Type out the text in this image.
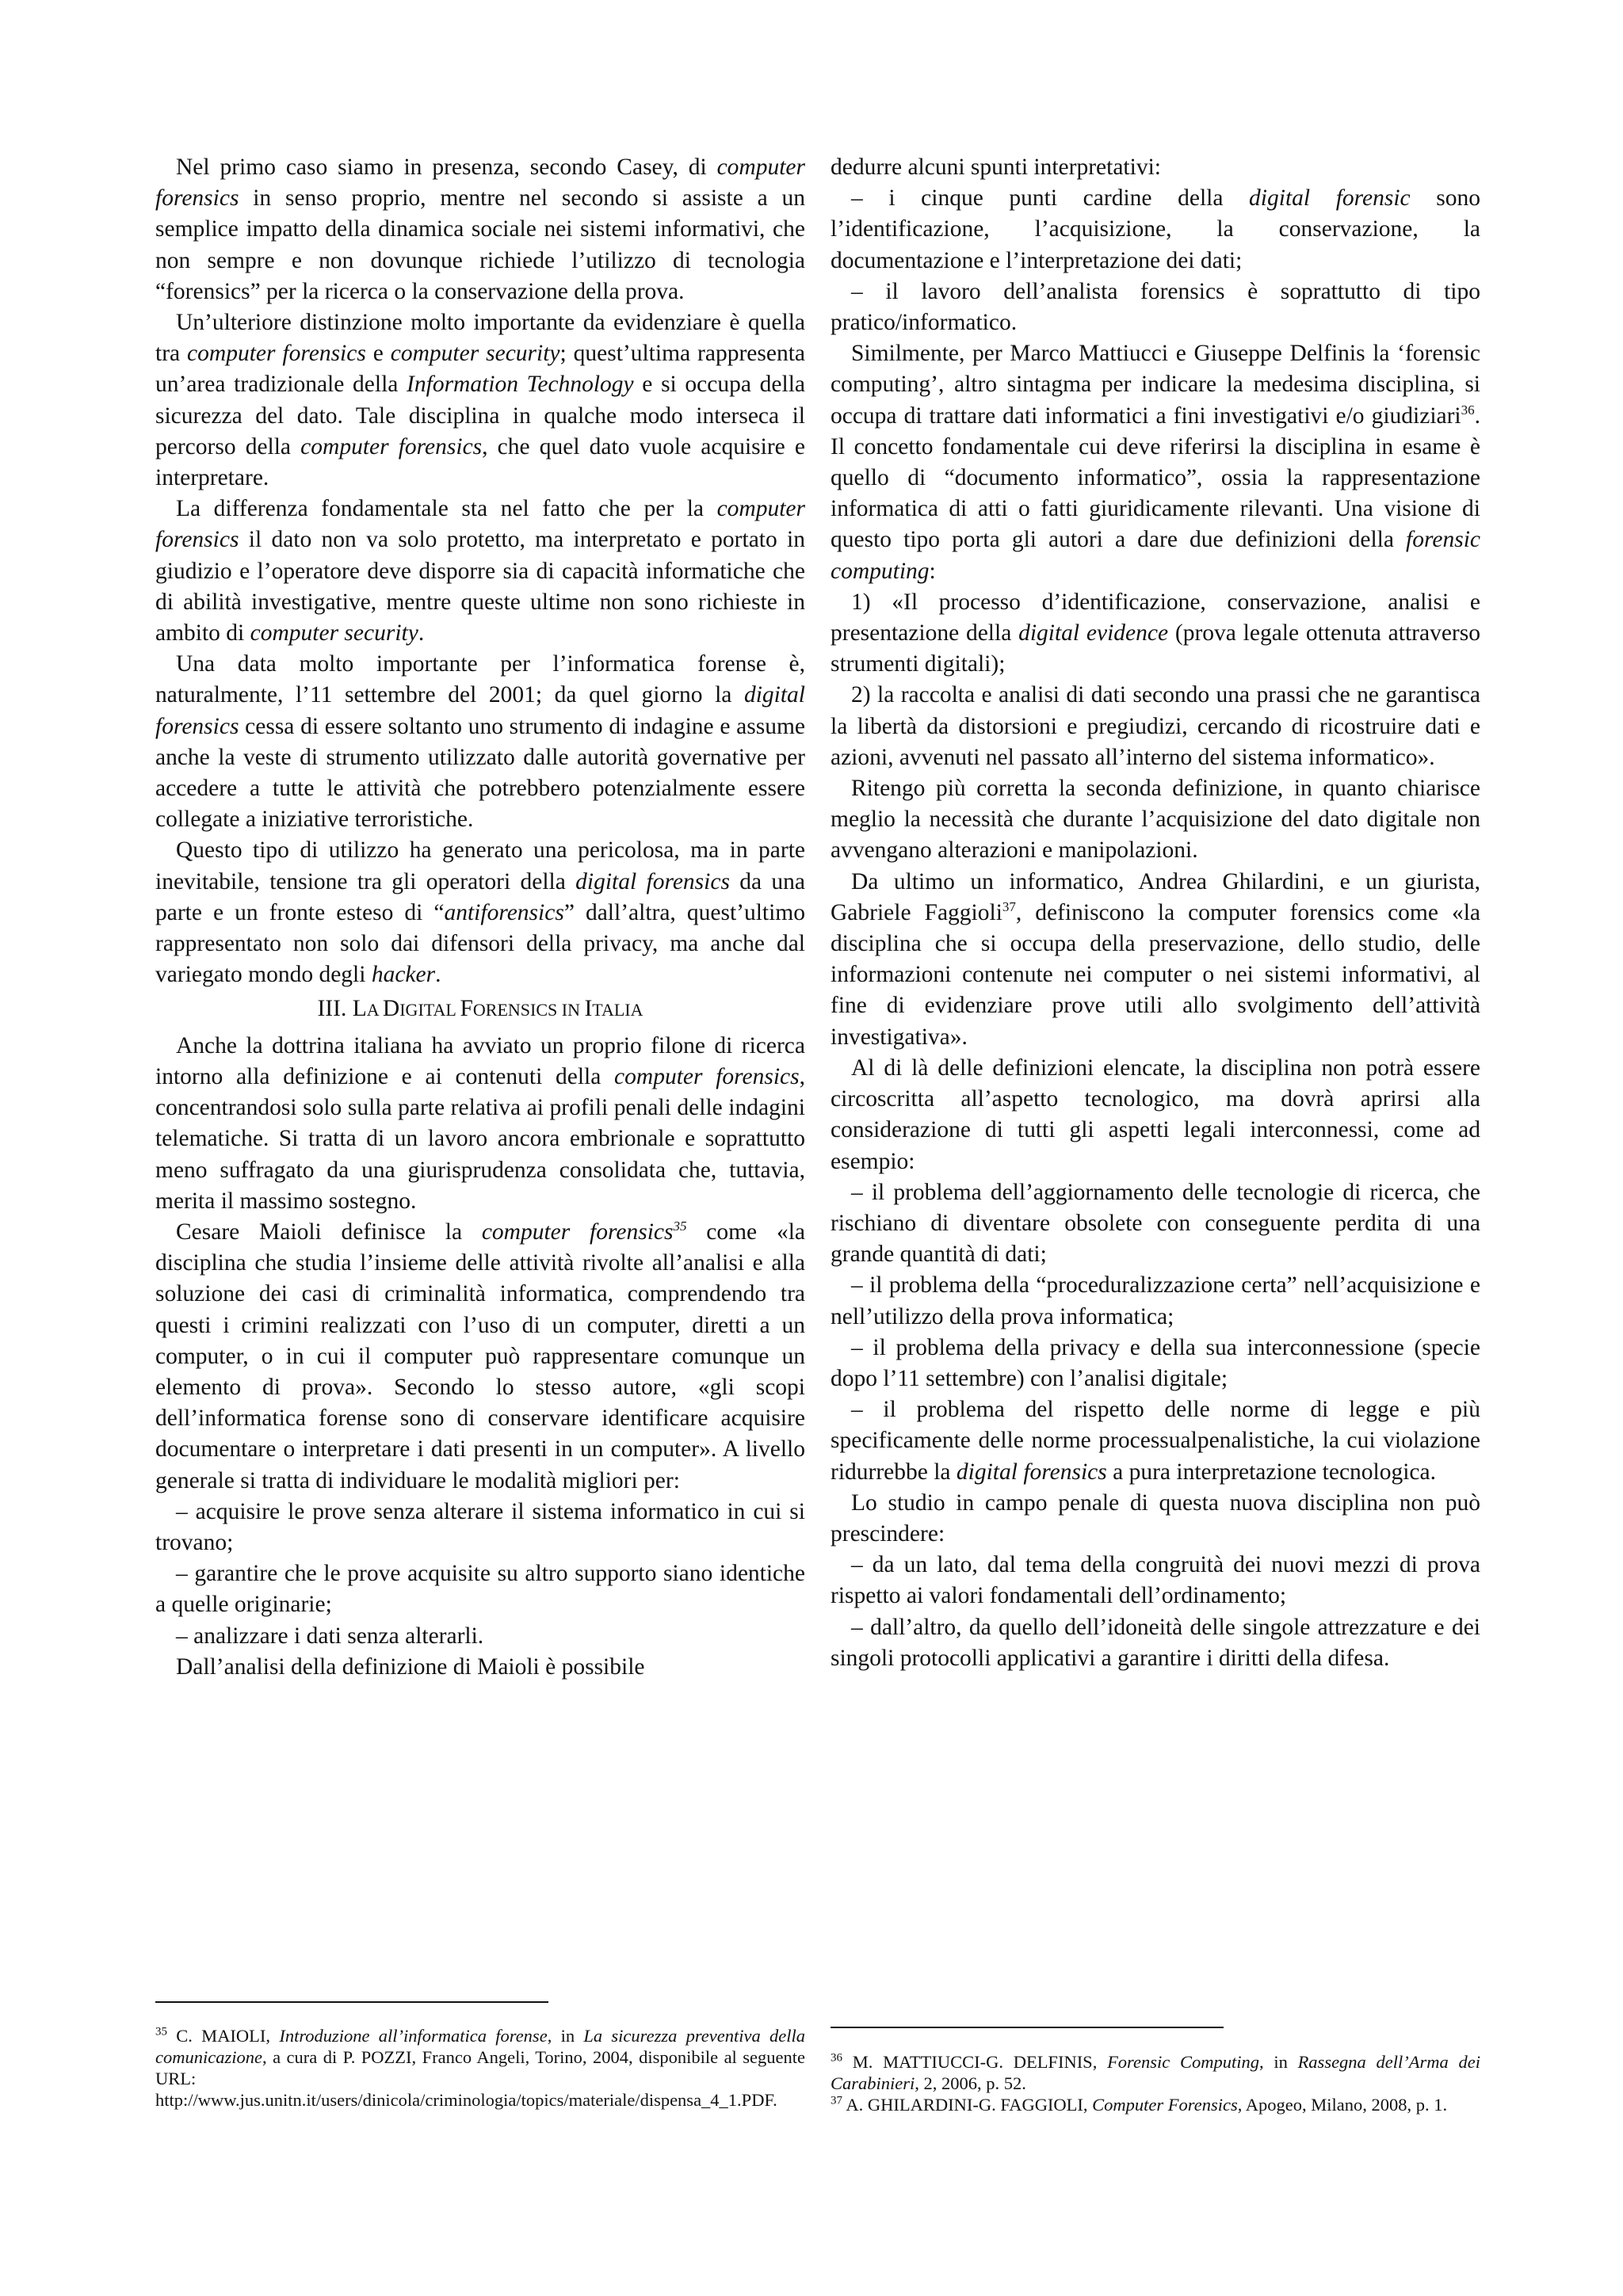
Nel primo caso siamo in presenza, secondo Casey, di computer forensics in senso proprio, mentre nel secondo si assiste a un semplice impatto della dinamica sociale nei sistemi informativi, che non sempre e non dovunque richiede l’utilizzo di tecnologia “forensics” per la ricerca o la conservazione della prova.

Un’ulteriore distinzione molto importante da evidenziare è quella tra computer forensics e computer security; quest’ultima rappresenta un’area tradizionale della Information Technology e si occupa della sicurezza del dato. Tale disciplina in qualche modo interseca il percorso della computer forensics, che quel dato vuole acquisire e interpretare.

La differenza fondamentale sta nel fatto che per la computer forensics il dato non va solo protetto, ma interpretato e portato in giudizio e l’operatore deve disporre sia di capacità informatiche che di abilità investigative, mentre queste ultime non sono richieste in ambito di computer security.

Una data molto importante per l’informatica forense è, naturalmente, l’11 settembre del 2001; da quel giorno la digital forensics cessa di essere soltanto uno strumento di indagine e assume anche la veste di strumento utilizzato dalle autorità governative per accedere a tutte le attività che potrebbero potenzialmente essere collegate a iniziative terroristiche.

Questo tipo di utilizzo ha generato una pericolosa, ma in parte inevitabile, tensione tra gli operatori della digital forensics da una parte e un fronte esteso di “antiforensics” dall’altra, quest’ultimo rappresentato non solo dai difensori della privacy, ma anche dal variegato mondo degli hacker.

III. LA DIGITAL FORENSICS IN ITALIA

Anche la dottrina italiana ha avviato un proprio filone di ricerca intorno alla definizione e ai contenuti della computer forensics, concentrandosi solo sulla parte relativa ai profili penali delle indagini telematiche. Si tratta di un lavoro ancora embrionale e soprattutto meno suffragato da una giurisprudenza consolidata che, tuttavia, merita il massimo sostegno.

Cesare Maioli definisce la computer forensics$^{35}$ come «la disciplina che studia l’insieme delle attività rivolte all’analisi e alla soluzione dei casi di criminalità informatica, comprendendo tra questi i crimini realizzati con l’uso di un computer, diretti a un computer, o in cui il computer può rappresentare comunque un elemento di prova». Secondo lo stesso autore, «gli scopi dell’informatica forense sono di conservare identificare acquisire documentare o interpretare i dati presenti in un computer». A livello generale si tratta di individuare le modalità migliori per:

– acquisire le prove senza alterare il sistema informatico in cui si trovano;

– garantire che le prove acquisite su altro supporto siano identiche a quelle originarie;

– analizzare i dati senza alterarli.

Dall’analisi della definizione di Maioli è possibile

dedurre alcuni spunti interpretativi:

– i cinque punti cardine della digital forensic sono l’identificazione, l’acquisizione, la conservazione, la documentazione e l’interpretazione dei dati;

– il lavoro dell’analista forensics è soprattutto di tipo pratico/informatico.

Similmente, per Marco Mattiucci e Giuseppe Delfinis la ‘forensic computing’, altro sintagma per indicare la medesima disciplina, si occupa di trattare dati informatici a fini investigativi e/o giudiziari$^{36}$. Il concetto fondamentale cui deve riferirsi la disciplina in esame è quello di “documento informatico”, ossia la rappresentazione informatica di atti o fatti giuridicamente rilevanti. Una visione di questo tipo porta gli autori a dare due definizioni della forensic computing:

1) «Il processo d’identificazione, conservazione, analisi e presentazione della digital evidence (prova legale ottenuta attraverso strumenti digitali);

2) la raccolta e analisi di dati secondo una prassi che ne garantisca la libertà da distorsioni e pregiudizi, cercando di ricostruire dati e azioni, avvenuti nel passato all’interno del sistema informatico».

Ritengo più corretta la seconda definizione, in quanto chiarisce meglio la necessità che durante l’acquisizione del dato digitale non avvengano alterazioni e manipolazioni.

Da ultimo un informatico, Andrea Ghilardini, e un giurista, Gabriele Faggioli$^{37}$, definiscono la computer forensics come «la disciplina che si occupa della preservazione, dello studio, delle informazioni contenute nei computer o nei sistemi informativi, al fine di evidenziare prove utili allo svolgimento dell’attività investigativa».

Al di là delle definizioni elencate, la disciplina non potrà essere circoscritta all’aspetto tecnologico, ma dovrà aprirsi alla considerazione di tutti gli aspetti legali interconnessi, come ad esempio:

– il problema dell’aggiornamento delle tecnologie di ricerca, che rischiano di diventare obsolete con conseguente perdita di una grande quantità di dati;

– il problema della “proceduralizzazione certa” nell’acquisizione e nell’utilizzo della prova informatica;

– il problema della privacy e della sua interconnessione (specie dopo l’11 settembre) con l’analisi digitale;

– il problema del rispetto delle norme di legge e più specificamente delle norme processualpenalistiche, la cui violazione ridurrebbe la digital forensics a pura interpretazione tecnologica.

Lo studio in campo penale di questa nuova disciplina non può prescindere:

– da un lato, dal tema della congruità dei nuovi mezzi di prova rispetto ai valori fondamentali dell’ordinamento;

– dall’altro, da quello dell’idoneità delle singole attrezzature e dei singoli protocolli applicativi a garantire i diritti della difesa.

$^{35}$ C. MAIOLI, Introduzione all’informatica forense, in La sicurezza preventiva della comunicazione, a cura di P. POZZI, Franco Angeli, Torino, 2004, disponibile al seguente URL: http://www.jus.unitn.it/users/dinicola/criminologia/topics/materiale/dispensa_4_1.PDF.

$^{36}$ M. MATTIUCCI-G. DELFINIS, Forensic Computing, in Rassegna dell’Arma dei Carabinieri, 2, 2006, p. 52.

$^{37}$ A. GHILARDINI-G. FAGGIOLI, Computer Forensics, Apogeo, Milano, 2008, p. 1.
